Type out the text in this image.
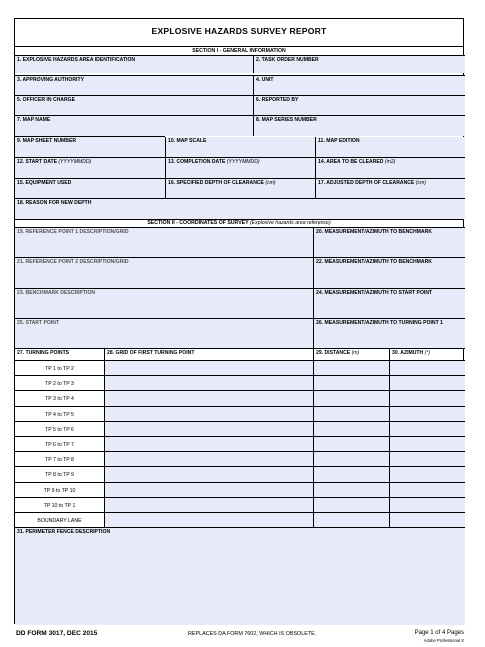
EXPLOSIVE HAZARDS SURVEY REPORT
SECTION I - GENERAL INFORMATION
1. EXPLOSIVE HAZARDS AREA IDENTIFICATION	2. TASK ORDER NUMBER
3. APPROVING AUTHORITY	4. UNIT
5. OFFICER IN CHARGE	6. REPORTED BY
7. MAP NAME	8. MAP SERIES NUMBER
9. MAP SHEET NUMBER	10. MAP SCALE	11. MAP EDITION
12. START DATE (YYYYMMDD)	13. COMPLETION DATE (YYYYMMDD)	14. AREA TO BE CLEARED (m2)
15. EQUIPMENT USED	16. SPECIFIED DEPTH OF CLEARANCE (cm)	17. ADJUSTED DEPTH OF CLEARANCE (cm)
18. REASON FOR NEW DEPTH
SECTION II - COORDINATES OF SURVEY (Explosive hazards area reference)
19. REFERENCE POINT 1 DESCRIPTION/GRID	20. MEASUREMENT/AZIMUTH TO BENCHMARK
21. REFERENCE POINT 2 DESCRIPTION/GRID	22. MEASUREMENT/AZIMUTH TO BENCHMARK
23. BENCHMARK DESCRIPTION	24. MEASUREMENT/AZIMUTH TO START POINT
25. START POINT	26. MEASUREMENT/AZIMUTH TO TURNING POINT 1
27. TURNING POINTS	28. GRID OF FIRST TURNING POINT	29. DISTANCE (m)	30. AZIMUTH (°)
TP 1 to TP 2
TP 2 to TP 3
TP 3 to TP 4
TP 4 to TP 5
TP 5 to TP 6
TP 6 to TP 7
TP 7 to TP 8
TP 8 to TP 9
TP 9 to TP 10
TP 10 to TP 1
BOUNDARY LANE
31. PERIMETER FENCE DESCRIPTION
DD FORM 3017, DEC 2015	REPLACES DA FORM 7602, WHICH IS OBSOLETE.	Page 1 of 4 Pages
Adobe Professional X
